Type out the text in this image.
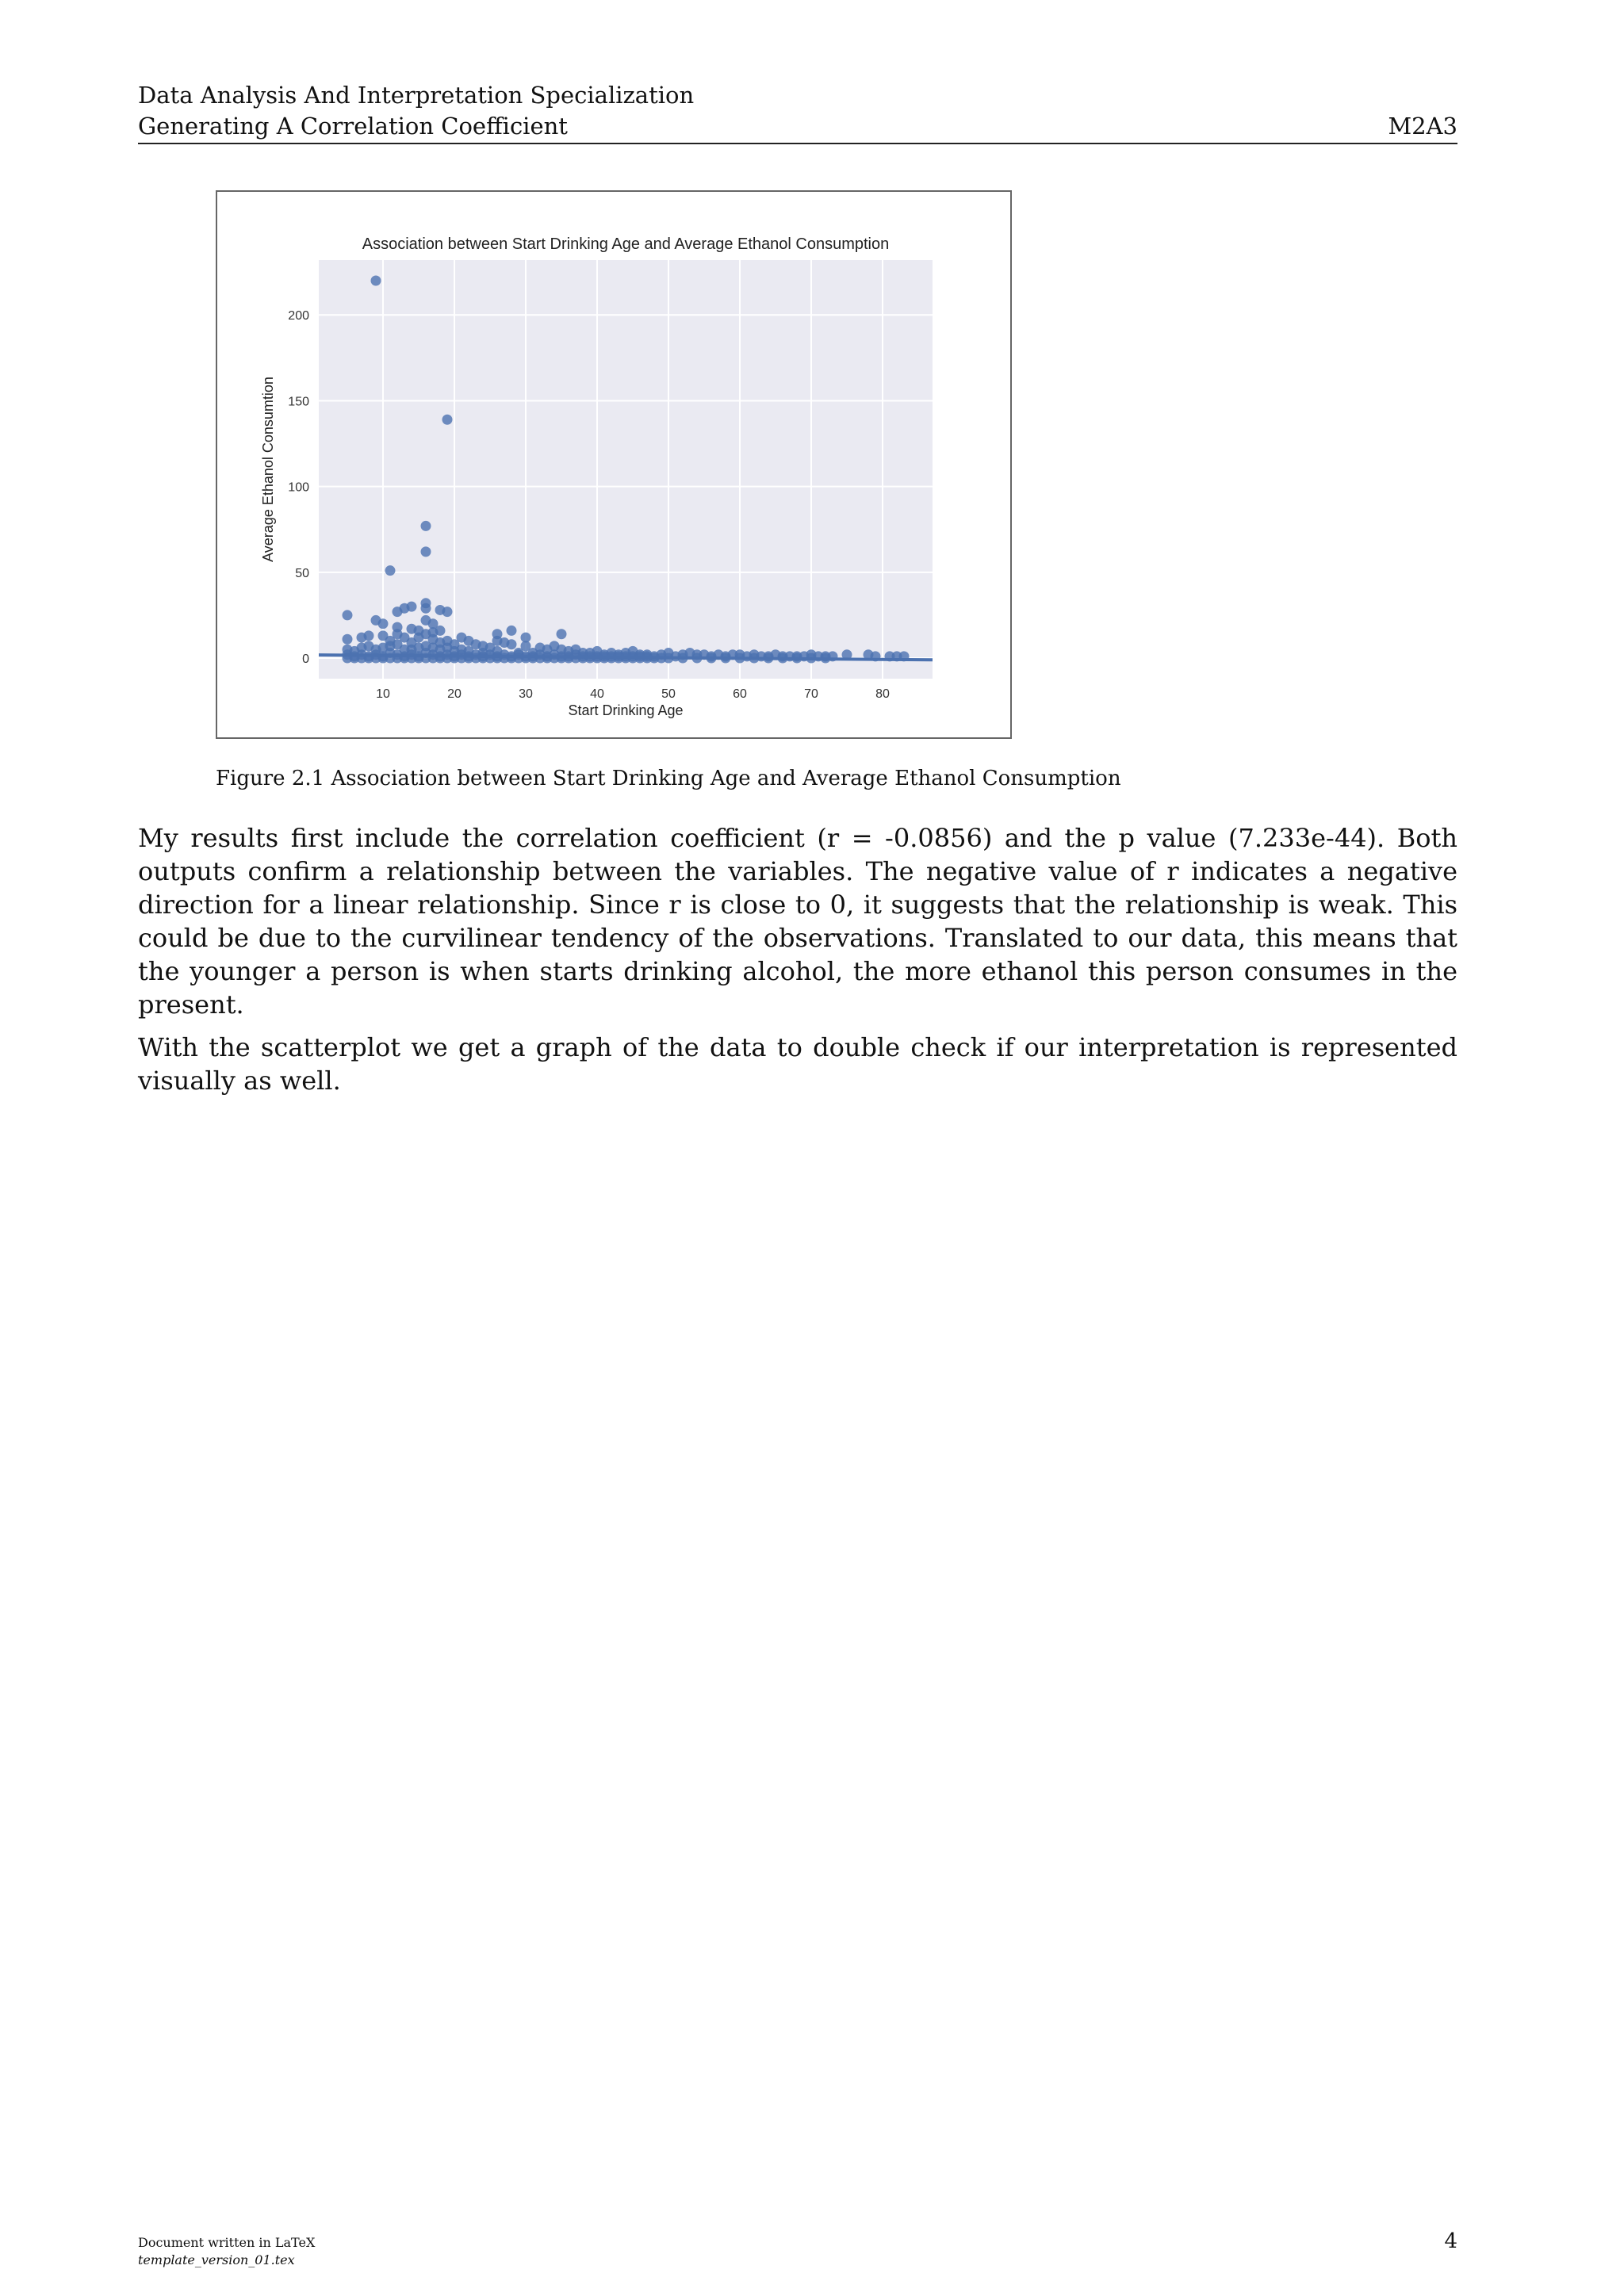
Data Analysis And Interpretation Specialization
Generating A Correlation Coefficient	M2A3
Association between Start Drinking Age and Average Ethanol Consumption
10	20	30	40	50	60	70	80
0
50
100
150
200
Start Drinking Age
Average Ethanol Consumtion
Figure 2.1 Association between Start Drinking Age and Average Ethanol Consumption

My results first include the correlation coefficient (r = -0.0856) and the p value (7.233e-44). Both outputs confirm a relationship between the variables. The negative value of r indicates a negative direction for a linear relationship. Since r is close to 0, it suggests that the relationship is weak. This could be due to the curvilinear tendency of the observations. Translated to our data, this means that the younger a person is when starts drinking alcohol, the more ethanol this person consumes in the present.

With the scatterplot we get a graph of the data to double check if our interpretation is represented visually as well.

Document written in LaTeX
template_version_01.tex
4
